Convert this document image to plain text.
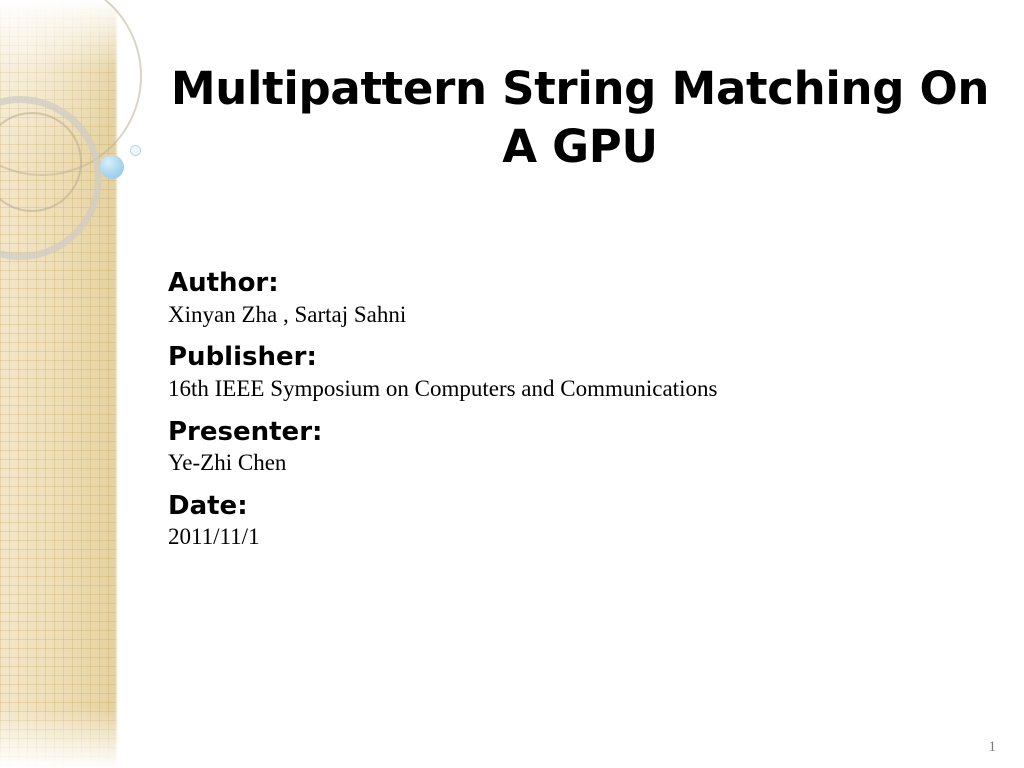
Multipattern String Matching On A GPU
Author:
Xinyan Zha , Sartaj Sahni
Publisher:
16th IEEE Symposium on Computers and Communications
Presenter:
Ye-Zhi Chen
Date:
2011/11/1
1
